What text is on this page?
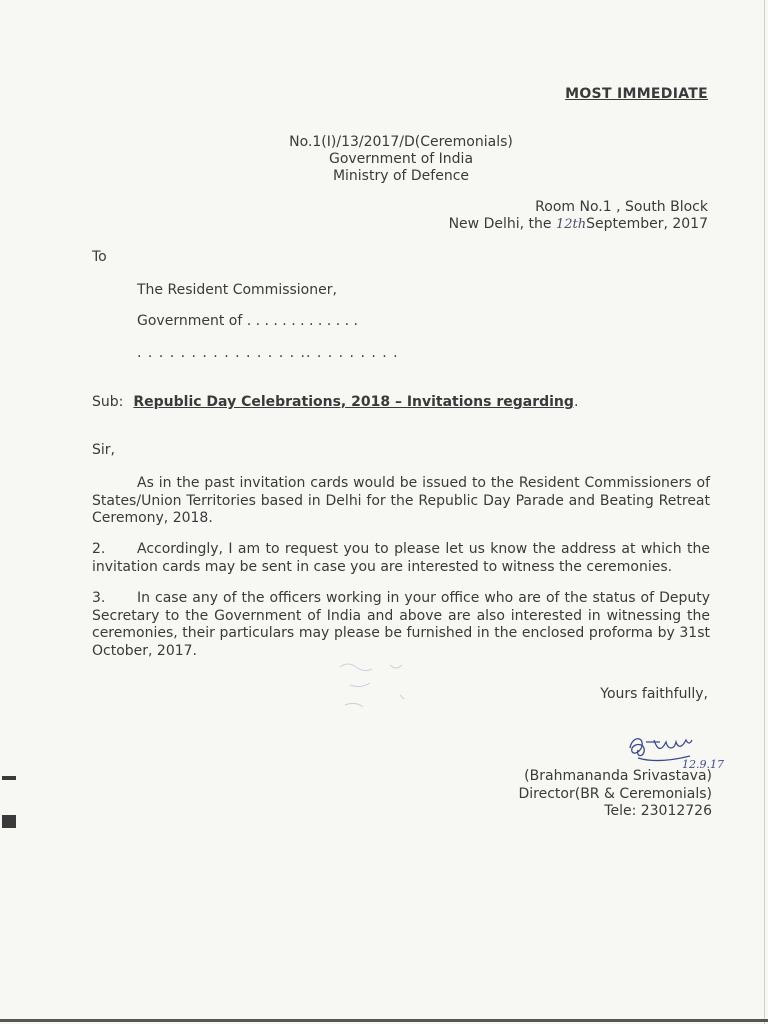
MOST IMMEDIATE
No.1(I)/13/2017/D(Ceremonials)
Government of India
Ministry of Defence
Room No.1 , South Block
New Delhi, the 12thSeptember, 2017
To
The Resident Commissioner,
Government of . . . . . . . . . . . . .
. . . . . . . . . . . . . . . .. . . . . . . . .
Sub: Republic Day Celebrations, 2018 – Invitations regarding.
Sir,
As in the past invitation cards would be issued to the Resident Commissioners of States/Union Territories based in Delhi for the Republic Day Parade and Beating Retreat Ceremony, 2018.
2. Accordingly, I am to request you to please let us know the address at which the invitation cards may be sent in case you are interested to witness the ceremonies.
3. In case any of the officers working in your office who are of the status of Deputy Secretary to the Government of India and above are also interested in witnessing the ceremonies, their particulars may please be furnished in the enclosed proforma by 31st October, 2017.
Yours faithfully,
12.9.17
(Brahmananda Srivastava)
Director(BR & Ceremonials)
Tele: 23012726
